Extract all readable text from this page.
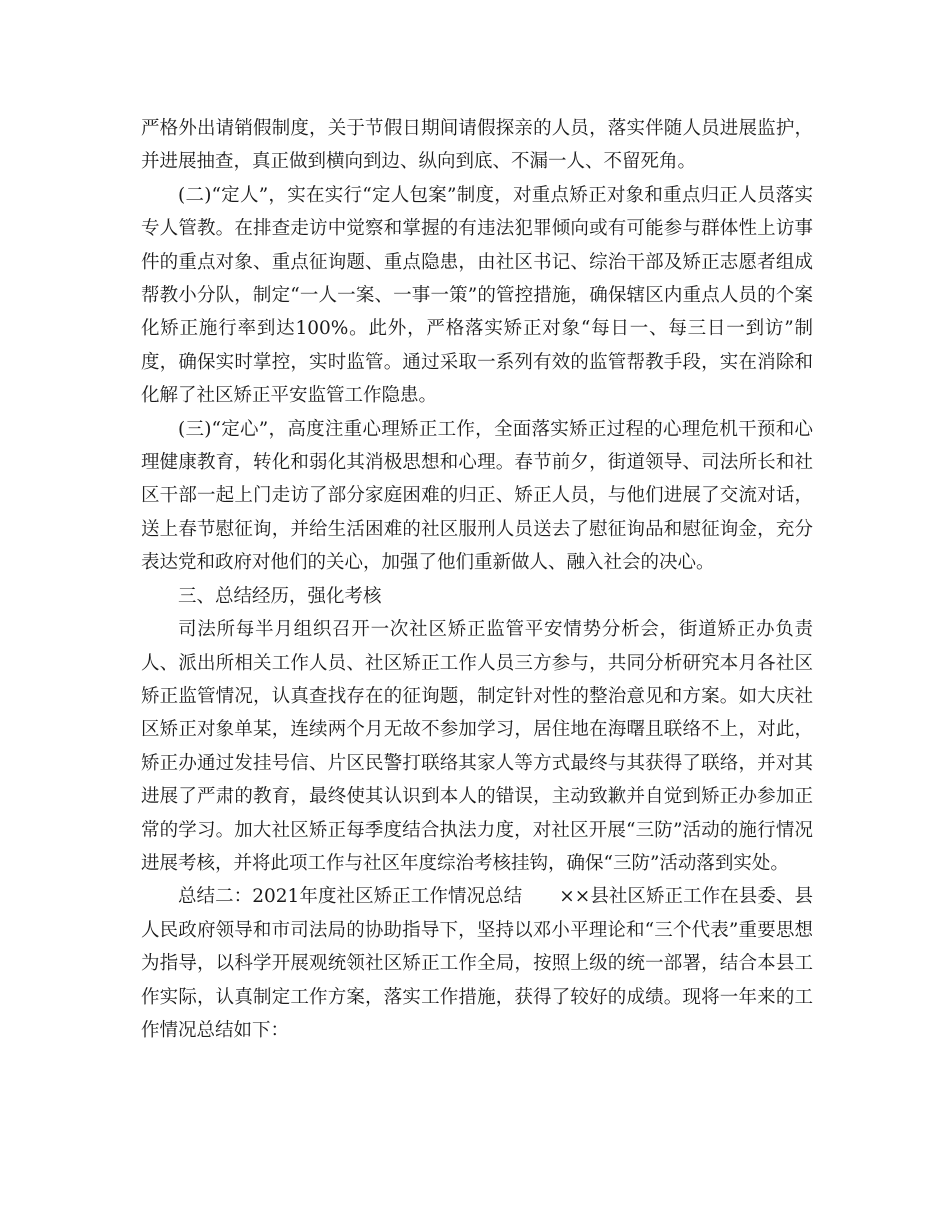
严格外出请销假制度，关于节假日期间请假探亲的人员，落实伴随人员进展监护，并进展抽查，真正做到横向到边、纵向到底、不漏一人、不留死角。

(二)“定人”，实在实行“定人包案”制度，对重点矫正对象和重点归正人员落实专人管教。在排查走访中觉察和掌握的有违法犯罪倾向或有可能参与群体性上访事件的重点对象、重点征询题、重点隐患，由社区书记、综治干部及矫正志愿者组成帮教小分队，制定“一人一案、一事一策”的管控措施，确保辖区内重点人员的个案化矫正施行率到达100%。此外，严格落实矫正对象“每日一、每三日一到访”制度，确保实时掌控，实时监管。通过采取一系列有效的监管帮教手段，实在消除和化解了社区矫正平安监管工作隐患。

(三)“定心”，高度注重心理矫正工作，全面落实矫正过程的心理危机干预和心理健康教育，转化和弱化其消极思想和心理。春节前夕，街道领导、司法所长和社区干部一起上门走访了部分家庭困难的归正、矫正人员，与他们进展了交流对话，送上春节慰征询，并给生活困难的社区服刑人员送去了慰征询品和慰征询金，充分表达党和政府对他们的关心，加强了他们重新做人、融入社会的决心。

三、总结经历，强化考核

司法所每半月组织召开一次社区矫正监管平安情势分析会，街道矫正办负责人、派出所相关工作人员、社区矫正工作人员三方参与，共同分析研究本月各社区矫正监管情况，认真查找存在的征询题，制定针对性的整治意见和方案。如大庆社区矫正对象单某，连续两个月无故不参加学习，居住地在海曙且联络不上，对此，矫正办通过发挂号信、片区民警打联络其家人等方式最终与其获得了联络，并对其进展了严肃的教育，最终使其认识到本人的错误，主动致歉并自觉到矫正办参加正常的学习。加大社区矫正每季度结合执法力度，对社区开展“三防”活动的施行情况进展考核，并将此项工作与社区年度综治考核挂钩，确保“三防”活动落到实处。

总结二：2021年度社区矫正工作情况总结　　××县社区矫正工作在县委、县人民政府领导和市司法局的协助指导下，坚持以邓小平理论和“三个代表”重要思想为指导，以科学开展观统领社区矫正工作全局，按照上级的统一部署，结合本县工作实际，认真制定工作方案，落实工作措施，获得了较好的成绩。现将一年来的工作情况总结如下：
